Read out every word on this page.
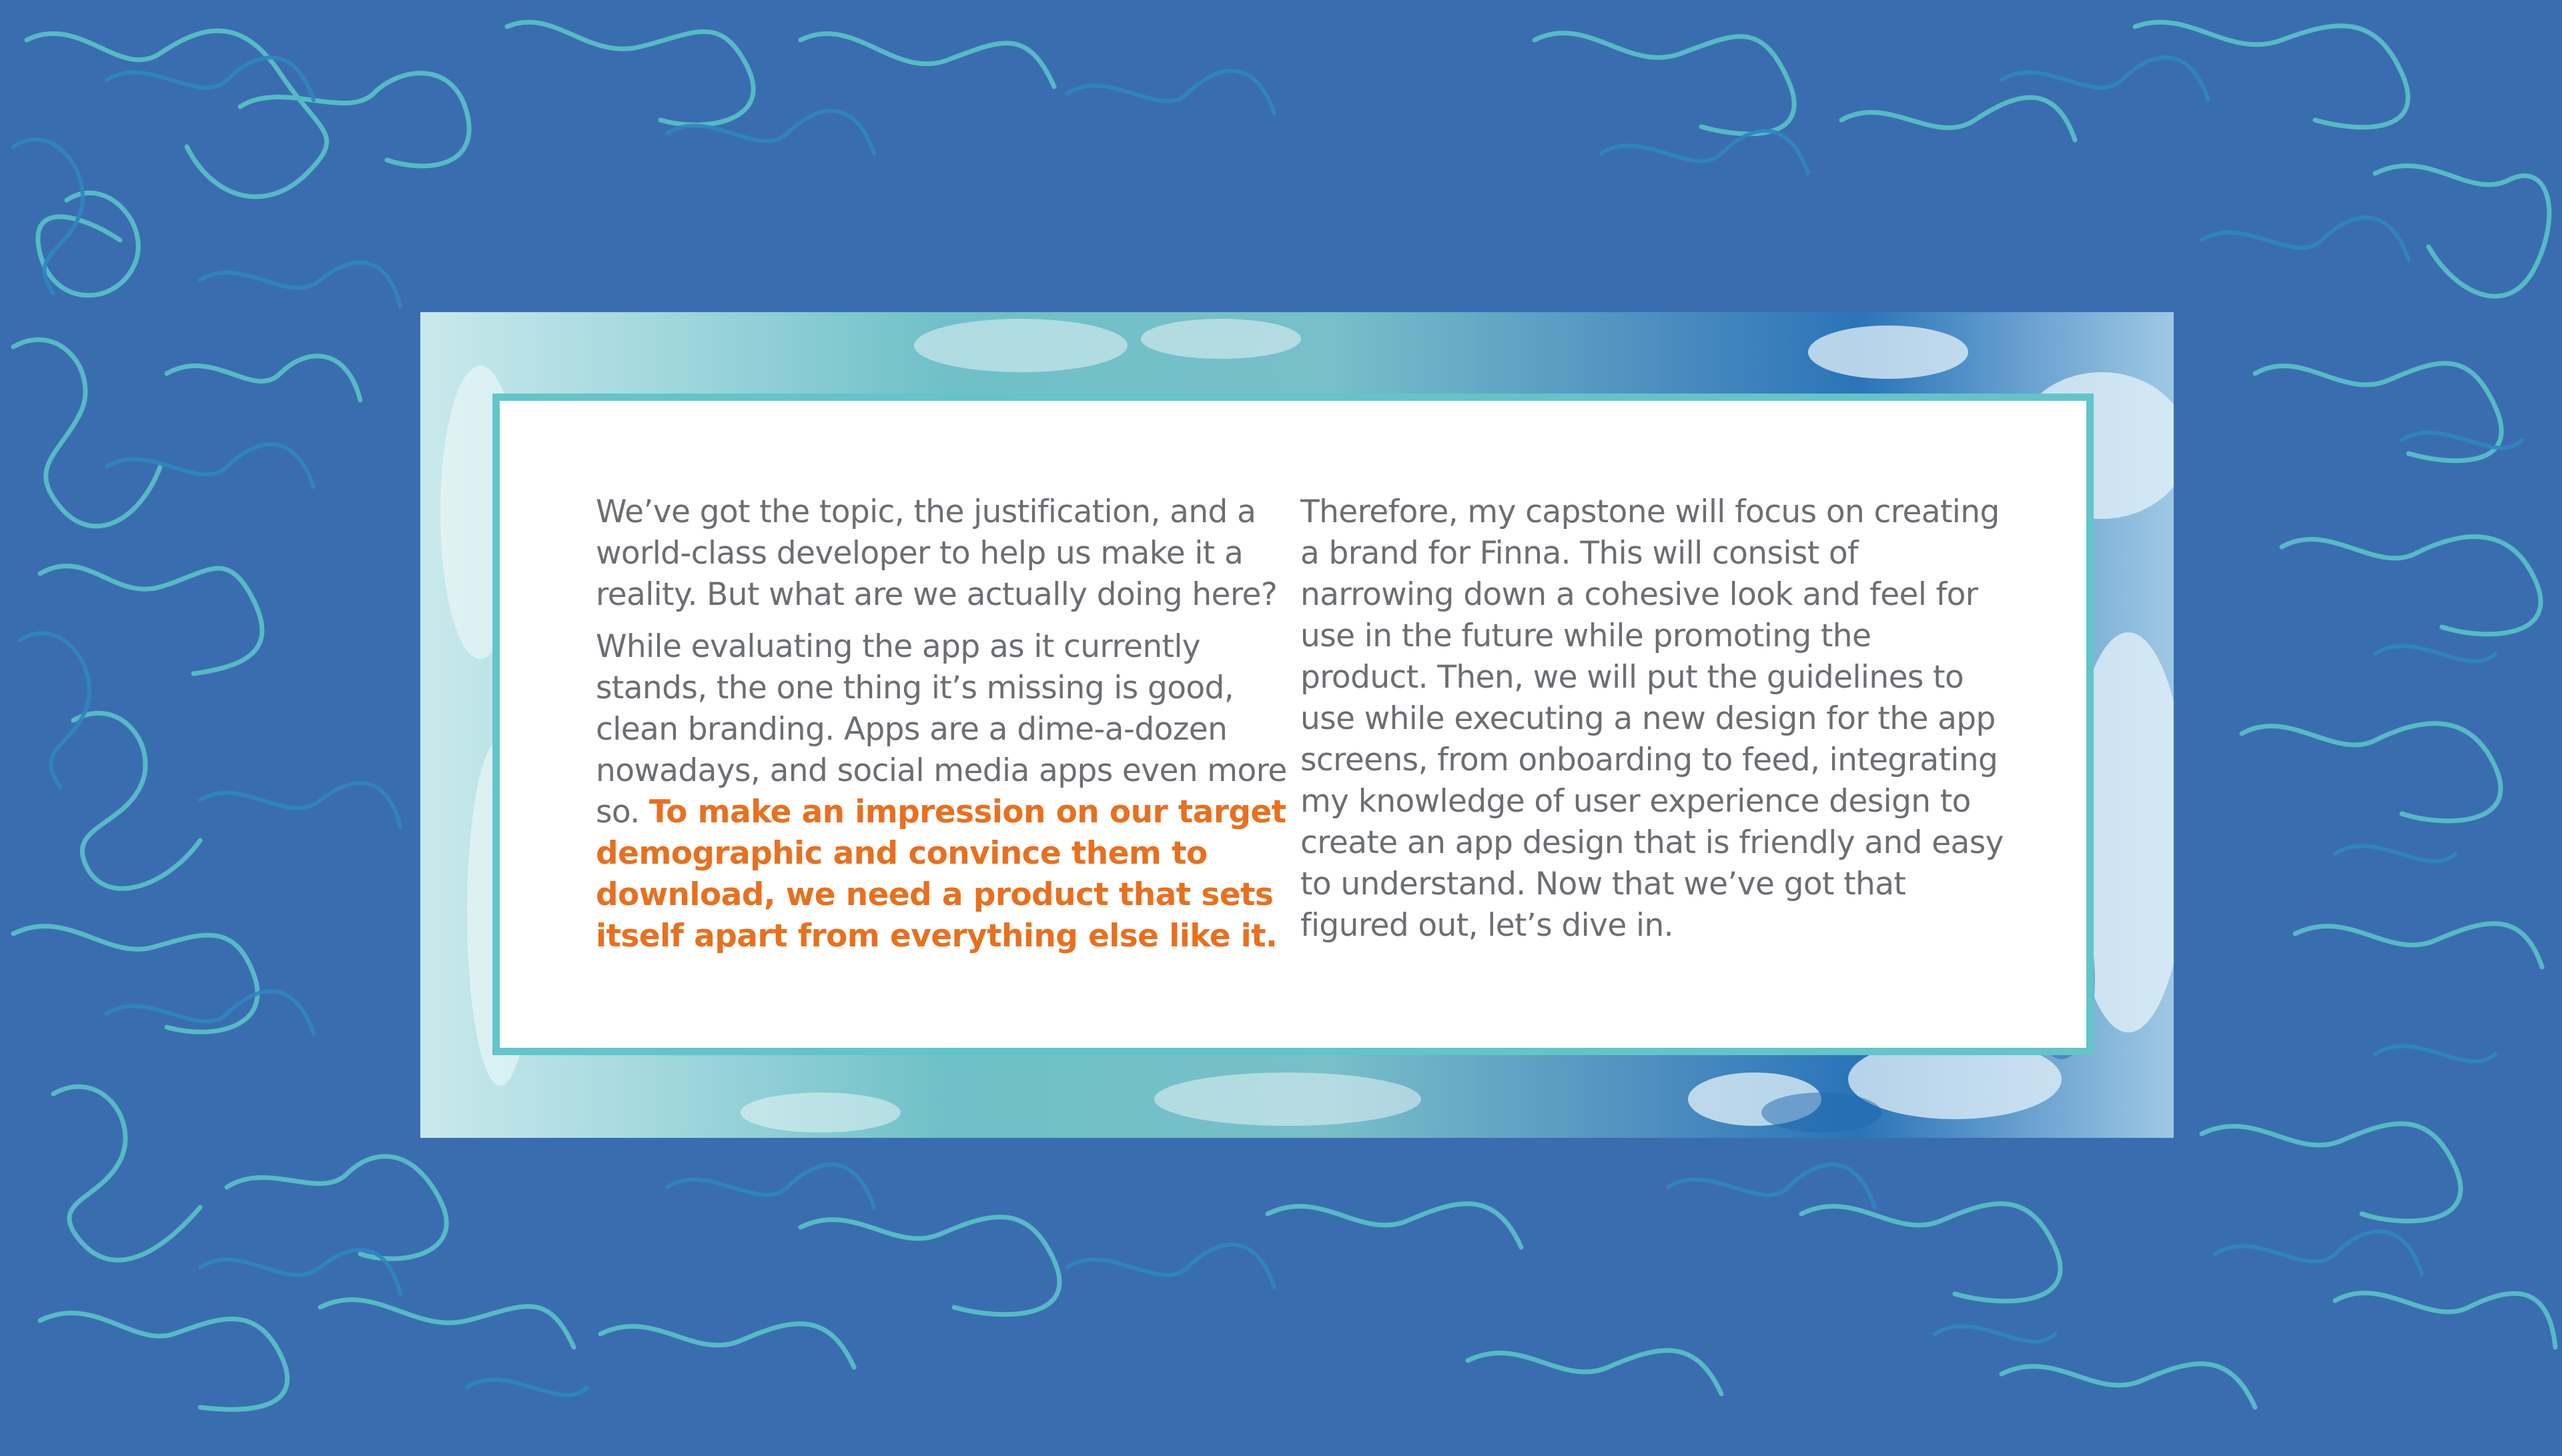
We’ve got the topic, the justification, and a world-class developer to help us make it a reality. But what are we actually doing here?

While evaluating the app as it currently stands, the one thing it’s missing is good, clean branding. Apps are a dime-a-dozen nowadays, and social media apps even more so. To make an impression on our target demographic and convince them to download, we need a product that sets itself apart from everything else like it.

Therefore, my capstone will focus on creating a brand for Finna. This will consist of narrowing down a cohesive look and feel for use in the future while promoting the product. Then, we will put the guidelines to use while executing a new design for the app screens, from onboarding to feed, integrating my knowledge of user experience design to create an app design that is friendly and easy to understand. Now that we’ve got that figured out, let’s dive in.
